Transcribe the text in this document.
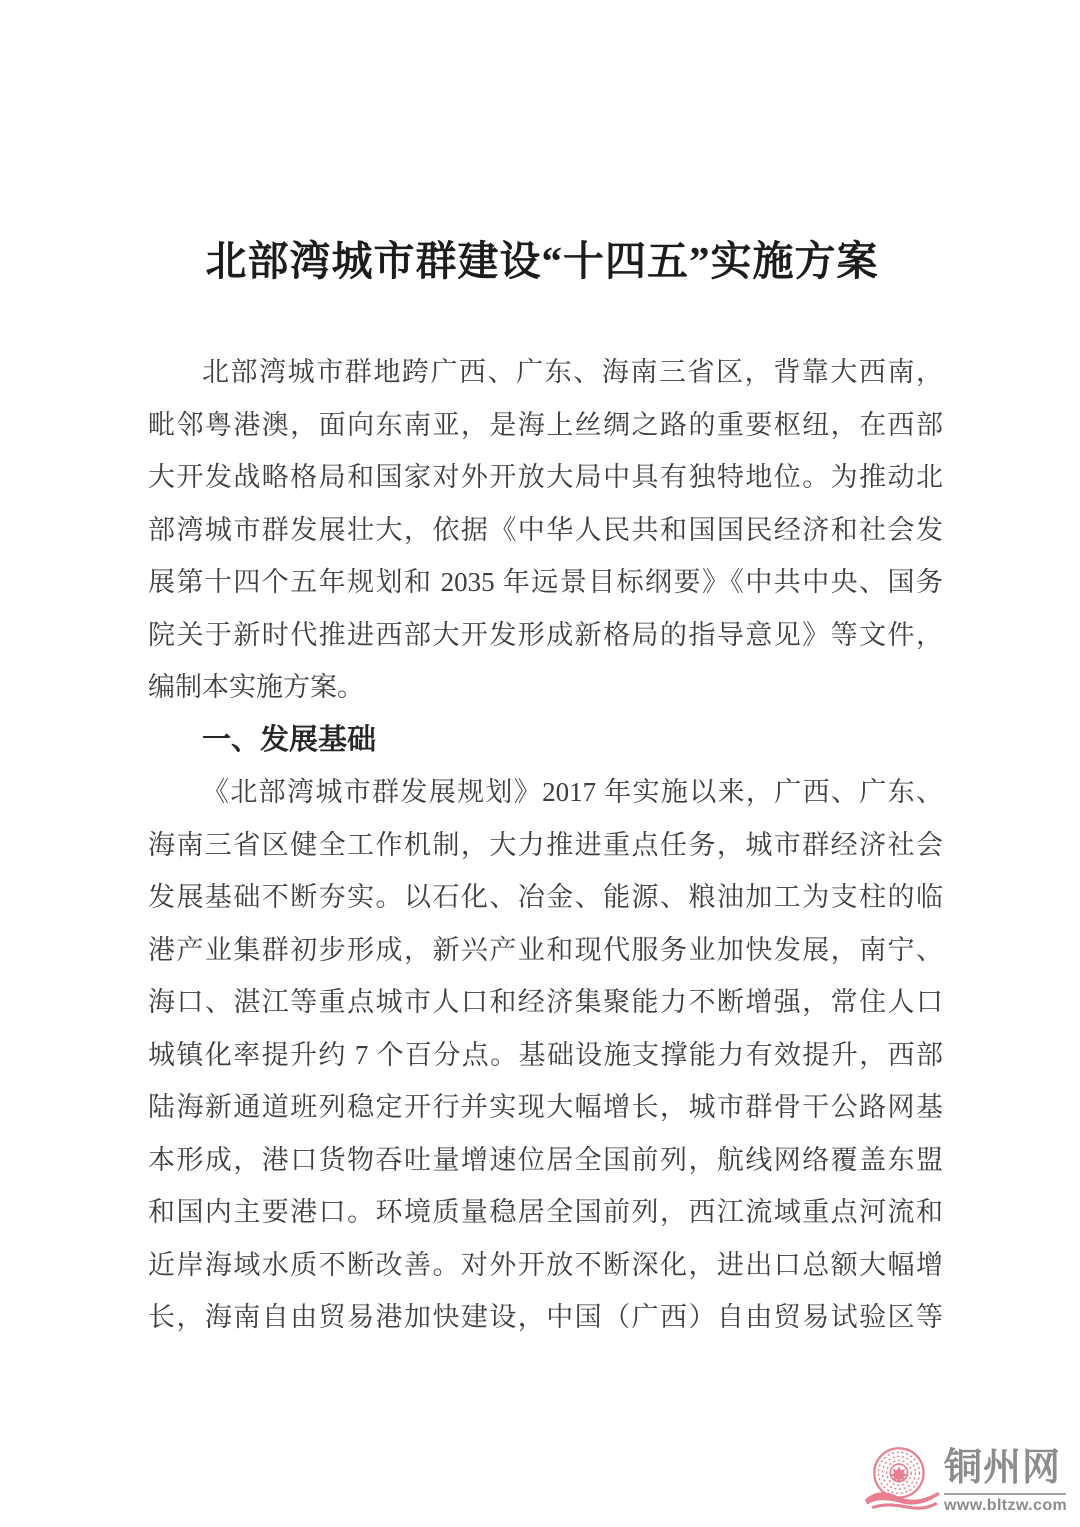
北部湾城市群建设“十四五”实施方案
北部湾城市群地跨广西、广东、海南三省区，背靠大西南，
毗邻粤港澳，面向东南亚，是海上丝绸之路的重要枢纽，在西部
大开发战略格局和国家对外开放大局中具有独特地位。为推动北
部湾城市群发展壮大，依据《中华人民共和国国民经济和社会发
展第十四个五年规划和 2035 年远景目标纲要》《中共中央、国务
院关于新时代推进西部大开发形成新格局的指导意见》等文件，
编制本实施方案。
一、发展基础
《北部湾城市群发展规划》2017 年实施以来，广西、广东、
海南三省区健全工作机制，大力推进重点任务，城市群经济社会
发展基础不断夯实。以石化、冶金、能源、粮油加工为支柱的临
港产业集群初步形成，新兴产业和现代服务业加快发展，南宁、
海口、湛江等重点城市人口和经济集聚能力不断增强，常住人口
城镇化率提升约 7 个百分点。基础设施支撑能力有效提升，西部
陆海新通道班列稳定开行并实现大幅增长，城市群骨干公路网基
本形成，港口货物吞吐量增速位居全国前列，航线网络覆盖东盟
和国内主要港口。环境质量稳居全国前列，西江流域重点河流和
近岸海域水质不断改善。对外开放不断深化，进出口总额大幅增
长，海南自由贸易港加快建设，中国（广西）自由贸易试验区等
铜州网
www.bltzw.com
